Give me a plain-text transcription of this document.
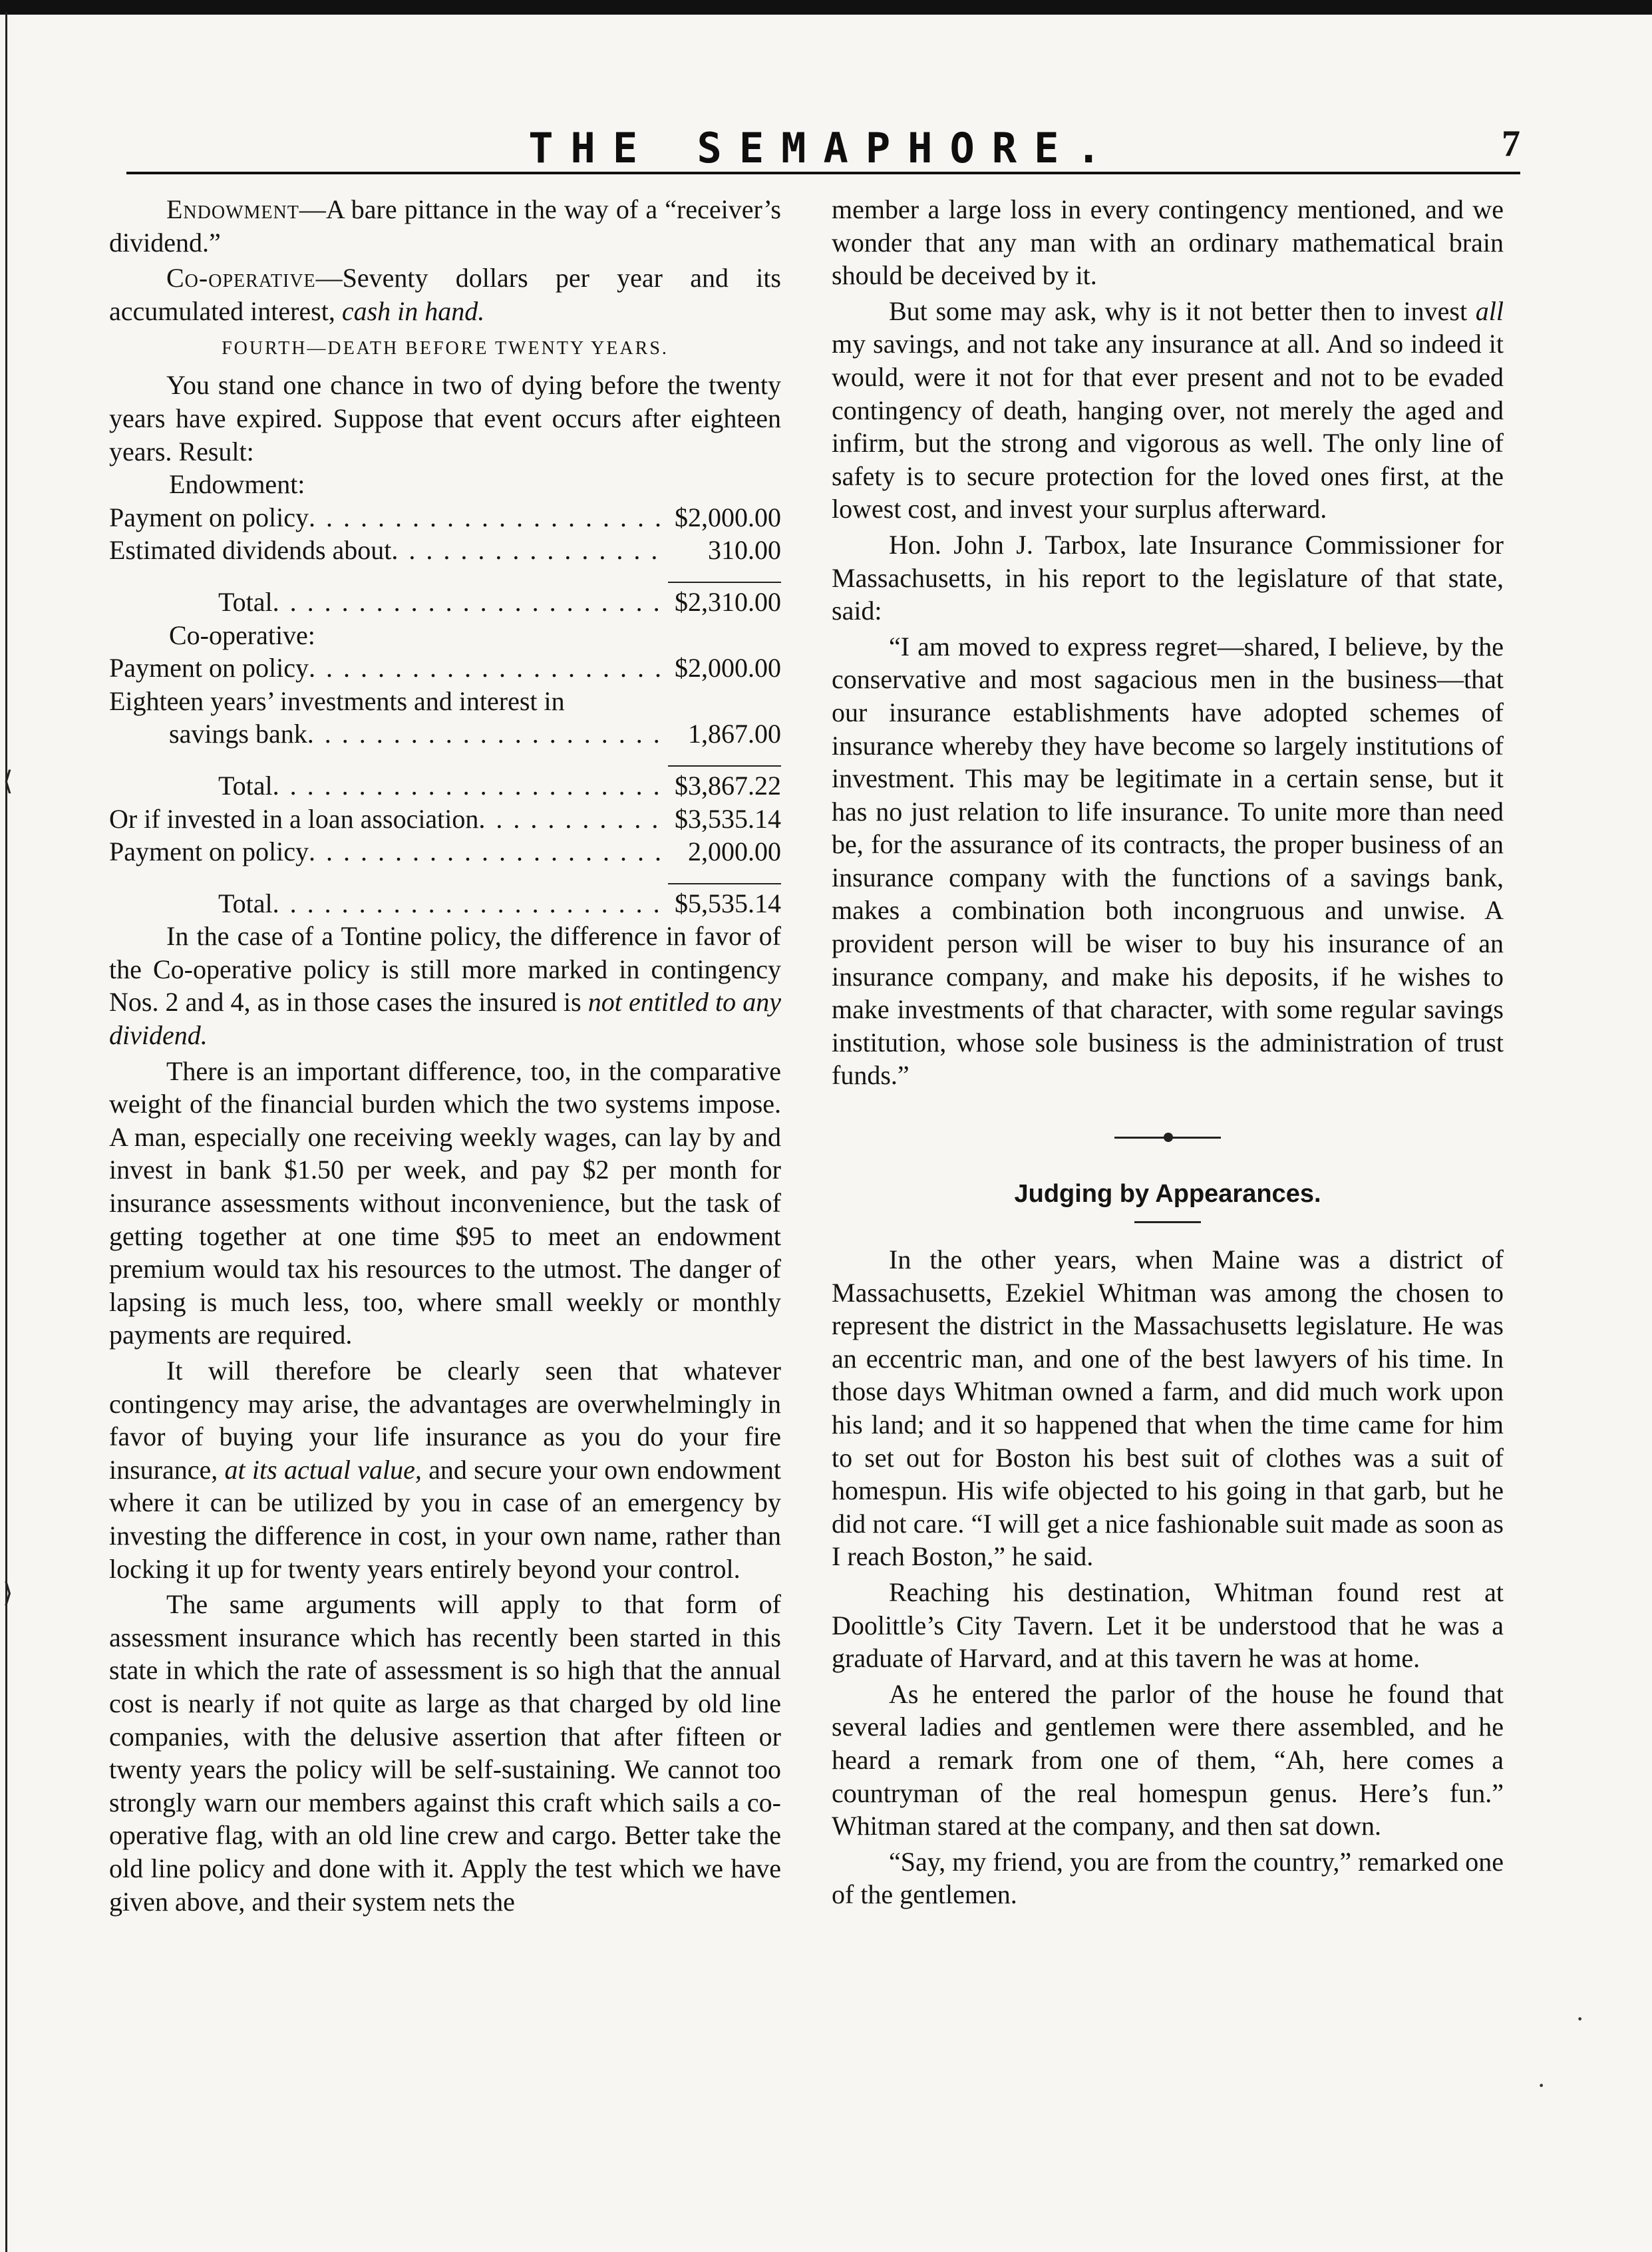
⟨
⟩
THE SEMAPHORE.	7

Endowment—A bare pittance in the way of a “receiver’s dividend.”

Co-operative—Seventy dollars per year and its accumulated interest, cash in hand.

FOURTH—DEATH BEFORE TWENTY YEARS.

You stand one chance in two of dying before the twenty years have expired. Suppose that event occurs after eighteen years. Result:

Endowment:
Payment on policy . . .	$2,000.00
Estimated dividends about . . .	310.00
Total . . .	$2,310.00
Co-operative:
Payment on policy . . .	$2,000.00
Eighteen years’ investments and interest in
savings bank . . .	1,867.00
Total . . .	$3,867.22
Or if invested in a loan association . . .	$3,535.14
Payment on policy . . .	2,000.00
Total . . .	$5,535.14

In the case of a Tontine policy, the difference in favor of the Co-operative policy is still more marked in contingency Nos. 2 and 4, as in those cases the insured is not entitled to any dividend.

There is an important difference, too, in the comparative weight of the financial burden which the two systems impose. A man, especially one receiving weekly wages, can lay by and invest in bank $1.50 per week, and pay $2 per month for insurance assessments without inconvenience, but the task of getting together at one time $95 to meet an endowment premium would tax his resources to the utmost. The danger of lapsing is much less, too, where small weekly or monthly payments are required.

It will therefore be clearly seen that whatever contingency may arise, the advantages are overwhelmingly in favor of buying your life insurance as you do your fire insurance, at its actual value, and secure your own endowment where it can be utilized by you in case of an emergency by investing the difference in cost, in your own name, rather than locking it up for twenty years entirely beyond your control.

The same arguments will apply to that form of assessment insurance which has recently been started in this state in which the rate of assessment is so high that the annual cost is nearly if not quite as large as that charged by old line companies, with the delusive assertion that after fifteen or twenty years the policy will be self-sustaining. We cannot too strongly warn our members against this craft which sails a co-operative flag, with an old line crew and cargo. Better take the old line policy and done with it. Apply the test which we have given above, and their system nets the

member a large loss in every contingency mentioned, and we wonder that any man with an ordinary mathematical brain should be deceived by it.

But some may ask, why is it not better then to invest all my savings, and not take any insurance at all. And so indeed it would, were it not for that ever present and not to be evaded contingency of death, hanging over, not merely the aged and infirm, but the strong and vigorous as well. The only line of safety is to secure protection for the loved ones first, at the lowest cost, and invest your surplus afterward.

Hon. John J. Tarbox, late Insurance Commissioner for Massachusetts, in his report to the legislature of that state, said:

“I am moved to express regret—shared, I believe, by the conservative and most sagacious men in the business—that our insurance establishments have adopted schemes of insurance whereby they have become so largely institutions of investment. This may be legitimate in a certain sense, but it has no just relation to life insurance. To unite more than need be, for the assurance of its contracts, the proper business of an insurance company with the functions of a savings bank, makes a combination both incongruous and unwise. A provident person will be wiser to buy his insurance of an insurance company, and make his deposits, if he wishes to make investments of that character, with some regular savings institution, whose sole business is the administration of trust funds.”

Judging by Appearances.

In the other years, when Maine was a district of Massachusetts, Ezekiel Whitman was among the chosen to represent the district in the Massachusetts legislature. He was an eccentric man, and one of the best lawyers of his time. In those days Whitman owned a farm, and did much work upon his land; and it so happened that when the time came for him to set out for Boston his best suit of clothes was a suit of homespun. His wife objected to his going in that garb, but he did not care. “I will get a nice fashionable suit made as soon as I reach Boston,” he said.

Reaching his destination, Whitman found rest at Doolittle’s City Tavern. Let it be understood that he was a graduate of Harvard, and at this tavern he was at home.

As he entered the parlor of the house he found that several ladies and gentlemen were there assembled, and he heard a remark from one of them, “Ah, here comes a countryman of the real homespun genus. Here’s fun.” Whitman stared at the company, and then sat down.

“Say, my friend, you are from the country,” remarked one of the gentlemen.

·
·
